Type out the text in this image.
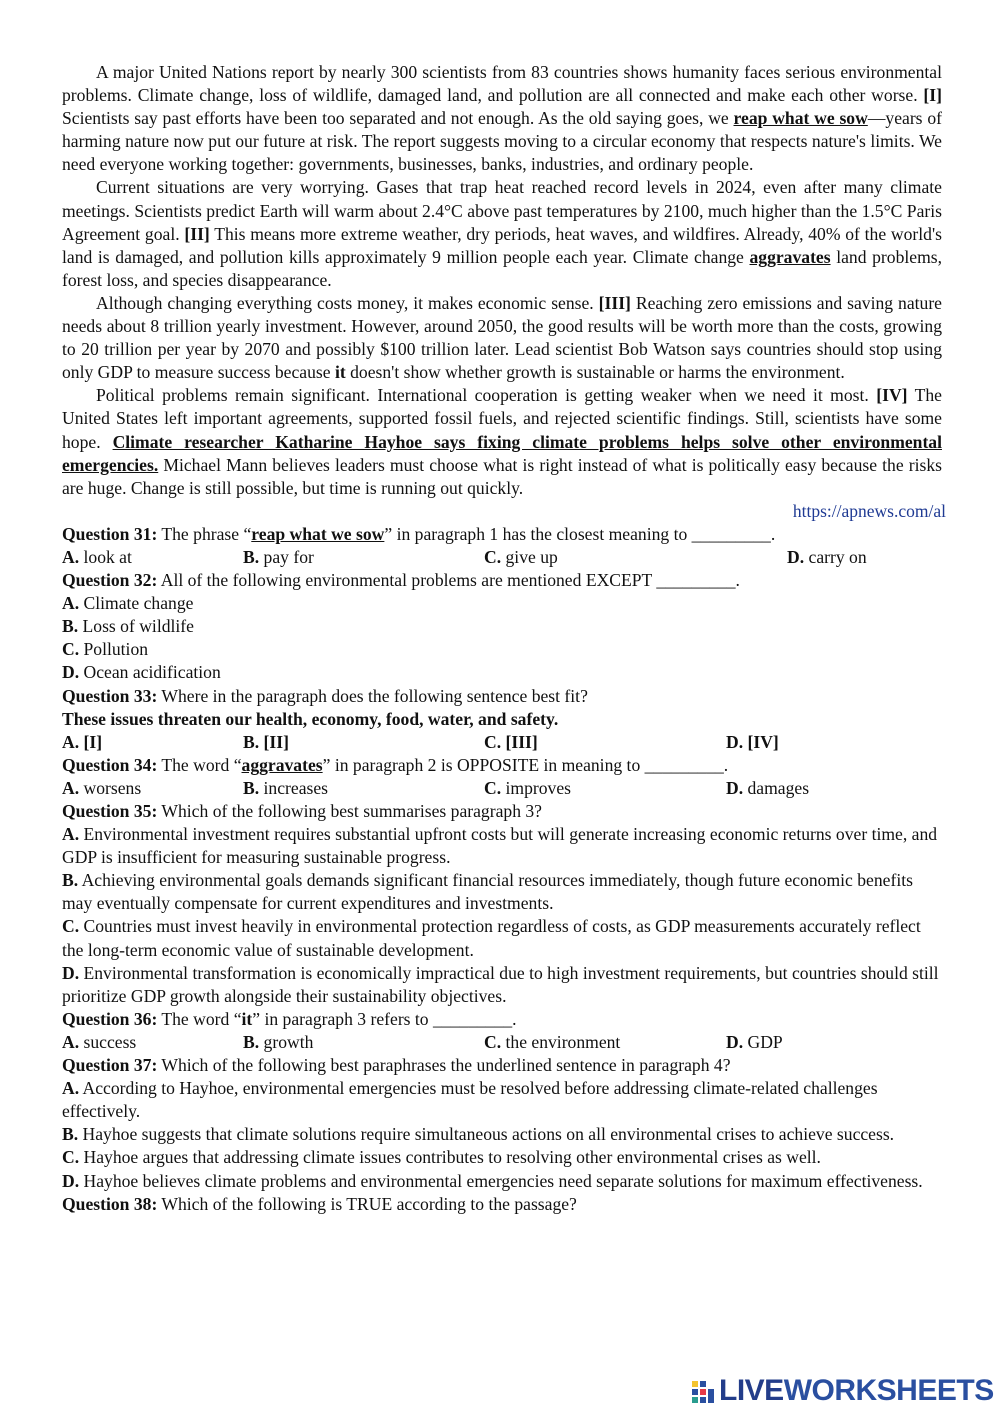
A major United Nations report by nearly 300 scientists from 83 countries shows humanity faces serious environmental problems. Climate change, loss of wildlife, damaged land, and pollution are all connected and make each other worse. [I] Scientists say past efforts have been too separated and not enough. As the old saying goes, we reap what we sow—years of harming nature now put our future at risk. The report suggests moving to a circular economy that respects nature's limits. We need everyone working together: governments, businesses, banks, industries, and ordinary people.

Current situations are very worrying. Gases that trap heat reached record levels in 2024, even after many climate meetings. Scientists predict Earth will warm about 2.4°C above past temperatures by 2100, much higher than the 1.5°C Paris Agreement goal. [II] This means more extreme weather, dry periods, heat waves, and wildfires. Already, 40% of the world's land is damaged, and pollution kills approximately 9 million people each year. Climate change aggravates land problems, forest loss, and species disappearance.

Although changing everything costs money, it makes economic sense. [III] Reaching zero emissions and saving nature needs about 8 trillion yearly investment. However, around 2050, the good results will be worth more than the costs, growing to 20 trillion per year by 2070 and possibly $100 trillion later. Lead scientist Bob Watson says countries should stop using only GDP to measure success because it doesn't show whether growth is sustainable or harms the environment.

Political problems remain significant. International cooperation is getting weaker when we need it most. [IV] The United States left important agreements, supported fossil fuels, and rejected scientific findings. Still, scientists have some hope. Climate researcher Katharine Hayhoe says fixing climate problems helps solve other environmental emergencies. Michael Mann believes leaders must choose what is right instead of what is politically easy because the risks are huge. Change is still possible, but time is running out quickly.

https://apnews.com/al
Question 31: The phrase “reap what we sow” in paragraph 1 has the closest meaning to _________.
A. look at	B. pay for	C. give up	D. carry on
Question 32: All of the following environmental problems are mentioned EXCEPT _________.
A. Climate change
B. Loss of wildlife
C. Pollution
D. Ocean acidification
Question 33: Where in the paragraph does the following sentence best fit?
These issues threaten our health, economy, food, water, and safety.
A. [I]	B. [II]	C. [III]	D. [IV]
Question 34: The word “aggravates” in paragraph 2 is OPPOSITE in meaning to _________.
A. worsens	B. increases	C. improves	D. damages
Question 35: Which of the following best summarises paragraph 3?
A. Environmental investment requires substantial upfront costs but will generate increasing economic returns over time, and GDP is insufficient for measuring sustainable progress.
B. Achieving environmental goals demands significant financial resources immediately, though future economic benefits may eventually compensate for current expenditures and investments.
C. Countries must invest heavily in environmental protection regardless of costs, as GDP measurements accurately reflect the long-term economic value of sustainable development.
D. Environmental transformation is economically impractical due to high investment requirements, but countries should still prioritize GDP growth alongside their sustainability objectives.
Question 36: The word “it” in paragraph 3 refers to _________.
A. success	B. growth	C. the environment	D. GDP
Question 37: Which of the following best paraphrases the underlined sentence in paragraph 4?
A. According to Hayhoe, environmental emergencies must be resolved before addressing climate-related challenges effectively.
B. Hayhoe suggests that climate solutions require simultaneous actions on all environmental crises to achieve success.
C. Hayhoe argues that addressing climate issues contributes to resolving other environmental crises as well.
D. Hayhoe believes climate problems and environmental emergencies need separate solutions for maximum effectiveness.
Question 38: Which of the following is TRUE according to the passage?
LIVEWORKSHEETS
